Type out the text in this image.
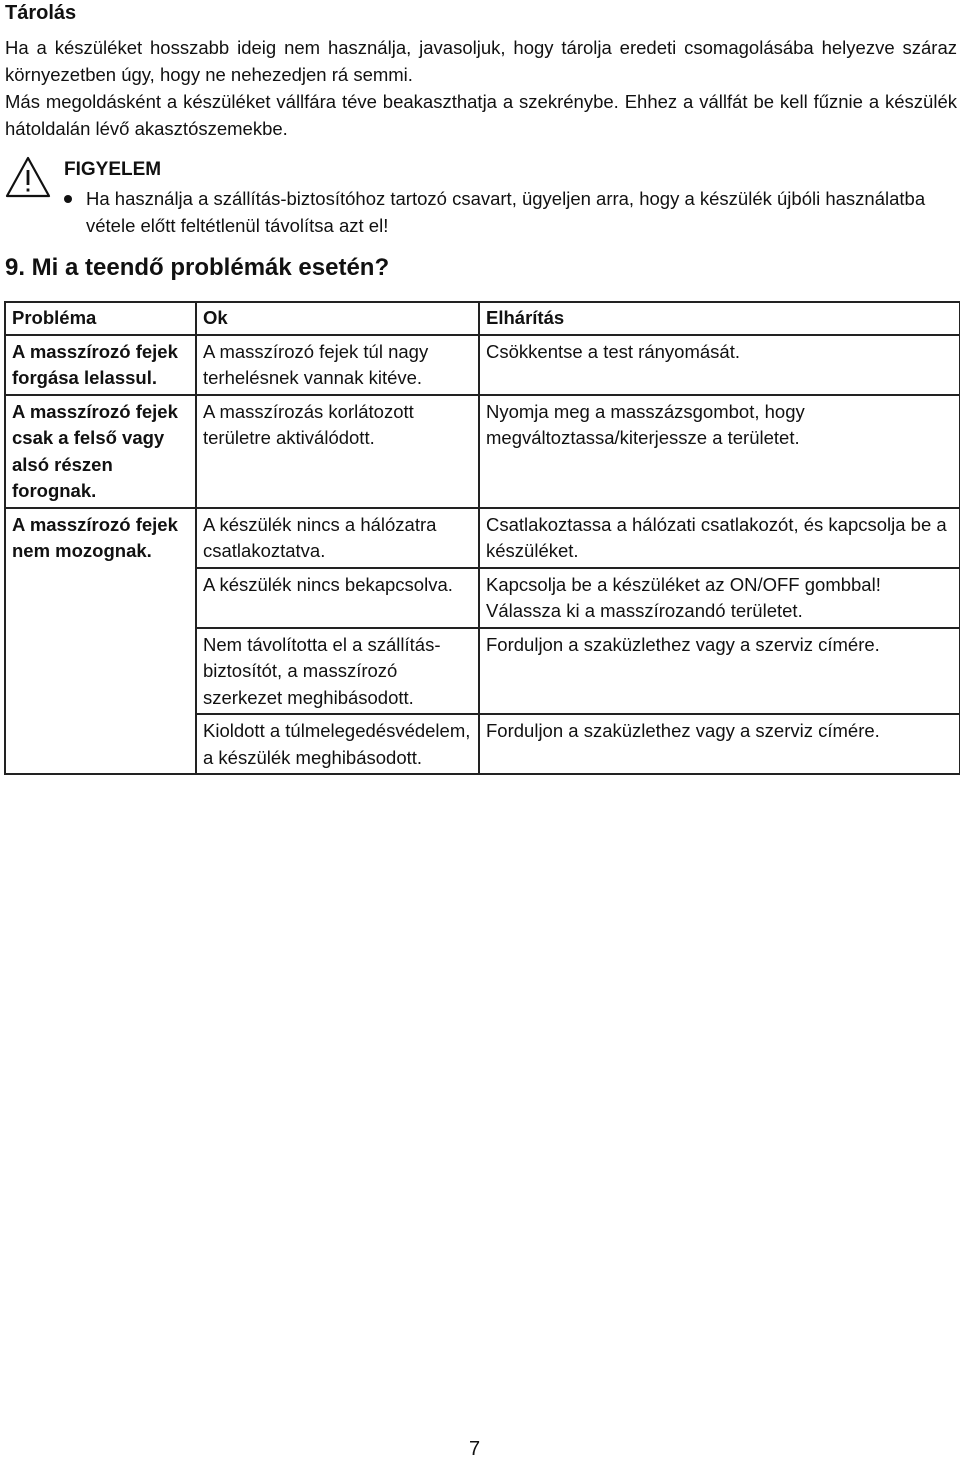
Tárolás

Ha a készüléket hosszabb ideig nem használja, javasoljuk, hogy tárolja eredeti csomagolásába helyezve száraz környezetben úgy, hogy ne nehezedjen rá semmi.

Más megoldásként a készüléket vállfára téve beakaszthatja a szekrénybe. Ehhez a vállfát be kell fűznie a készülék hátoldalán lévő akasztószemekbe.

FIGYELEM
Ha használja a szállítás-biztosítóhoz tartozó csavart, ügyeljen arra, hogy a készülék újbóli használatba vétele előtt feltétlenül távolítsa azt el!
9. Mi a teendő problémák esetén?
Probléma	Ok	Elhárítás
A masszírozó fejek forgása lelassul.	A masszírozó fejek túl nagy terhelésnek vannak kitéve.	Csökkentse a test rányomását.
A masszírozó fejek csak a felső vagy alsó részen forognak.	A masszírozás korlátozott területre aktiválódott.	Nyomja meg a masszázsgombot, hogy megváltoztassa/kiterjessze a területet.
A masszírozó fejek nem mozognak.	A készülék nincs a hálózatra csatlakoztatva.	Csatlakoztassa a hálózati csatlakozót, és kapcsolja be a készüléket.
	A készülék nincs bekapcsolva.	Kapcsolja be a készüléket az ON/OFF gombbal! Válassza ki a masszírozandó területet.
	Nem távolította el a szállítás-biztosítót, a masszírozó szerkezet meghibásodott.	Forduljon a szaküzlethez vagy a szerviz címére.
	Kioldott a túlmelegedésvédelem, a készülék meghibásodott.	Forduljon a szaküzlethez vagy a szerviz címére.
7
